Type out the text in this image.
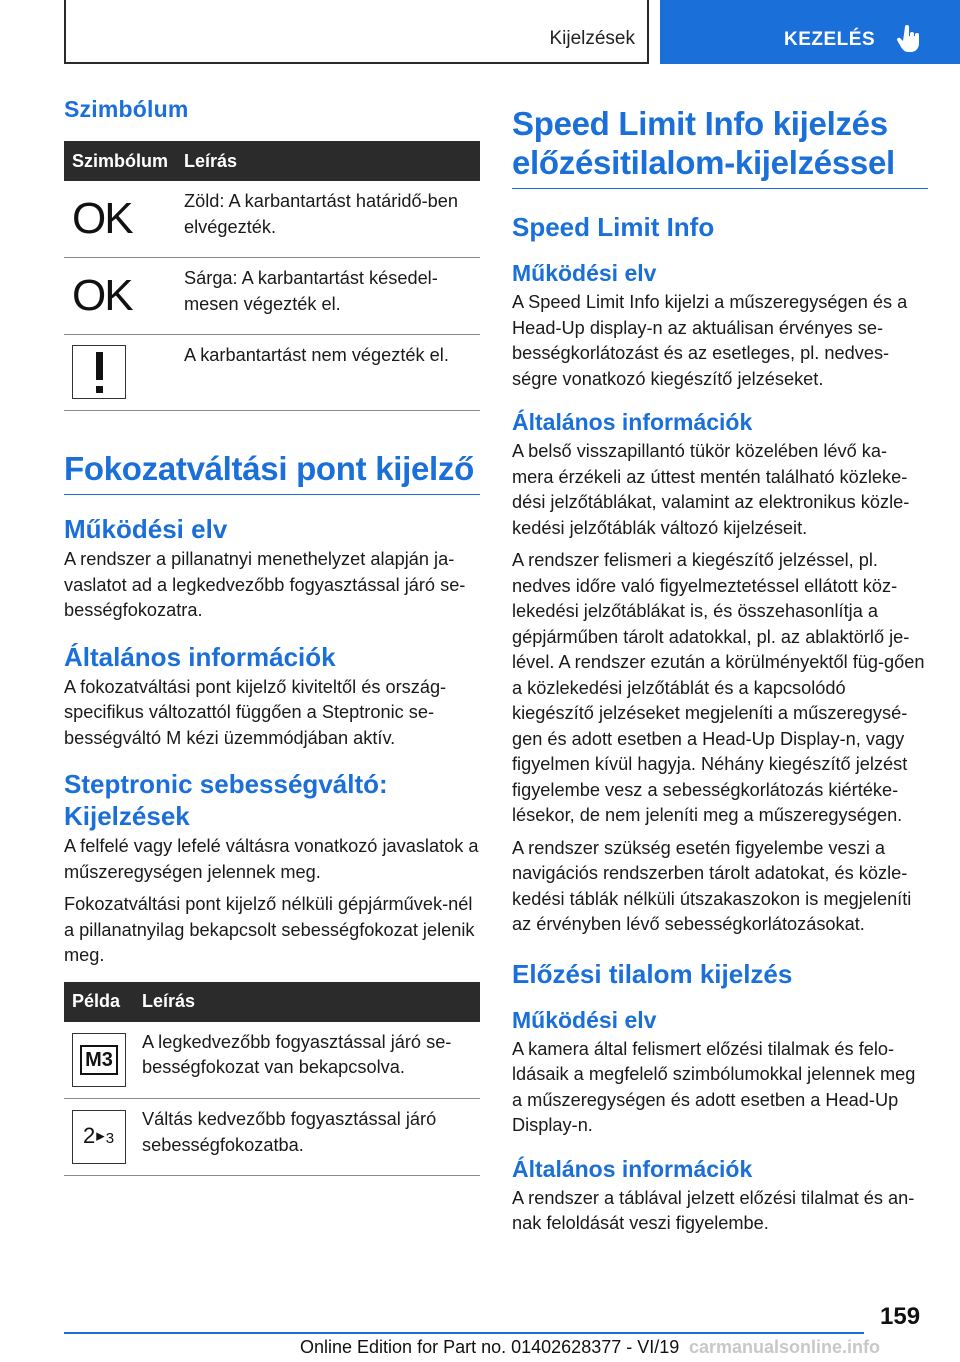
Kijelzések	KEZELÉS
Szimbólum
Szimbólum	Leírás

OK	Zöld: A karbantartást határidő-ben elvégezték.

OK	Sárga: A karbantartást késedel-mesen végezték el.

	A karbantartást nem végezték el.
Fokozatváltási pont kijelző
Működési elv

A rendszer a pillanatnyi menethelyzet alapján ja-vaslatot ad a legkedvezőbb fogyasztással járó se-bességfokozatra.

Általános információk

A fokozatváltási pont kijelző kiviteltől és ország-specifikus változattól függően a Steptronic se-bességváltó M kézi üzemmódjában aktív.

Steptronic sebességváltó: Kijelzések

A felfelé vagy lefelé váltásra vonatkozó javaslatok a műszeregységen jelennek meg.

Fokozatváltási pont kijelző nélküli gépjárművek-nél a pillanatnyilag bekapcsolt sebességfokozat jelenik meg.

Példa	Leírás

M3	A legkedvezőbb fogyasztással járó se-bességfokozat van bekapcsolva.

2▶3	Váltás kedvezőbb fogyasztással járó sebességfokozatba.
Speed Limit Info kijelzés előzésitilalom-kijelzéssel
Speed Limit Info
Működési elv

A Speed Limit Info kijelzi a műszeregységen és a Head-Up display-n az aktuálisan érvényes se-bességkorlátozást és az esetleges, pl. nedves-ségre vonatkozó kiegészítő jelzéseket.

Általános információk

A belső visszapillantó tükör közelében lévő ka-mera érzékeli az úttest mentén található közleke-dési jelzőtáblákat, valamint az elektronikus közle-kedési jelzőtáblák változó kijelzéseit.

A rendszer felismeri a kiegészítő jelzéssel, pl. nedves időre való figyelmeztetéssel ellátott köz-lekedési jelzőtáblákat is, és összehasonlítja a gépjárműben tárolt adatokkal, pl. az ablaktörlő je-lével. A rendszer ezután a körülményektől füg-gően a közlekedési jelzőtáblát és a kapcsolódó kiegészítő jelzéseket megjeleníti a műszeregysé-gen és adott esetben a Head-Up Display-n, vagy figyelmen kívül hagyja. Néhány kiegészítő jelzést figyelembe vesz a sebességkorlátozás kiértéke-lésekor, de nem jeleníti meg a műszeregységen.

A rendszer szükség esetén figyelembe veszi a navigációs rendszerben tárolt adatokat, és közle-kedési táblák nélküli útszakaszokon is megjeleníti az érvényben lévő sebességkorlátozásokat.

Előzési tilalom kijelzés
Működési elv

A kamera által felismert előzési tilalmak és felo-ldásaik a megfelelő szimbólumokkal jelennek meg a műszeregységen és adott esetben a Head-Up Display-n.

Általános információk

A rendszer a táblával jelzett előzési tilalmat és an-nak feloldását veszi figyelembe.

159
Online Edition for Part no. 01402628377 - VI/19 carmanualsonline.info
